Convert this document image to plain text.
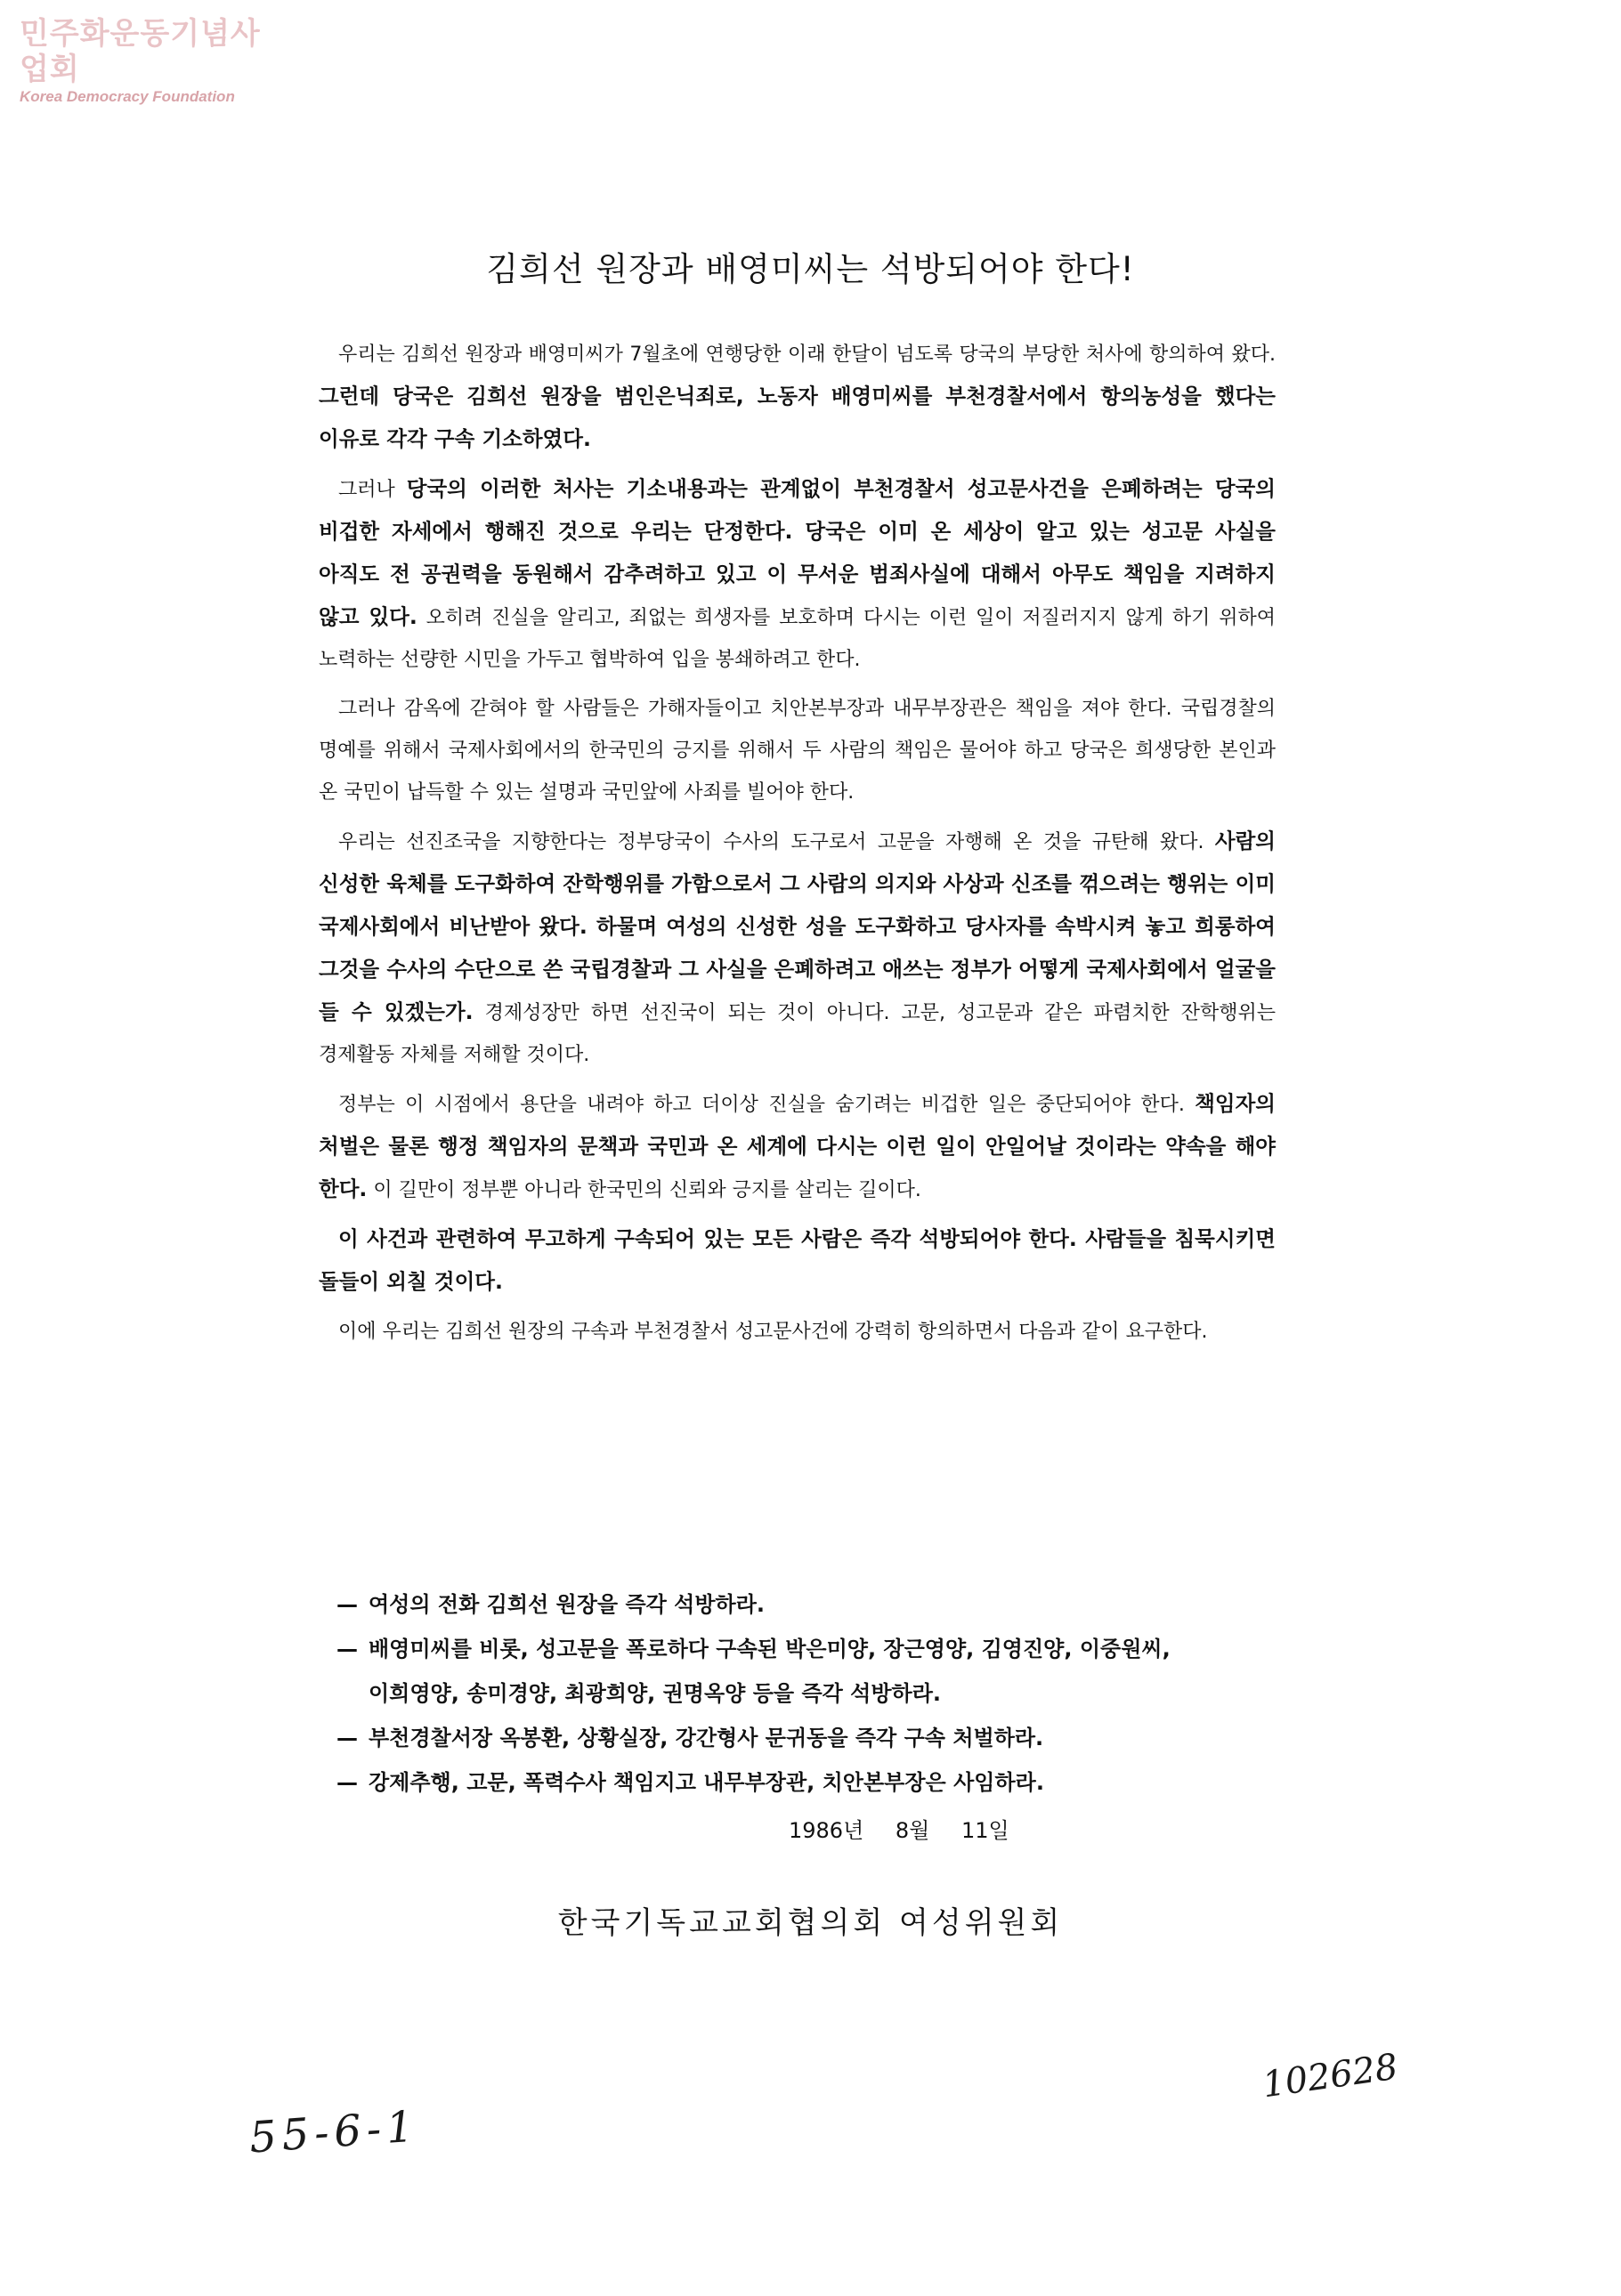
민주화운동기념사업회
Korea Democracy Foundation
김희선 원장과 배영미씨는 석방되어야 한다!

우리는 김희선 원장과 배영미씨가 7월초에 연행당한 이래 한달이 넘도록 당국의 부당한 처사에 항의하여 왔다. 그런데 당국은 김희선 원장을 범인은닉죄로, 노동자 배영미씨를 부천경찰서에서 항의농성을 했다는 이유로 각각 구속 기소하였다.

그러나 당국의 이러한 처사는 기소내용과는 관계없이 부천경찰서 성고문사건을 은폐하려는 당국의 비겁한 자세에서 행해진 것으로 우리는 단정한다. 당국은 이미 온 세상이 알고 있는 성고문 사실을 아직도 전 공권력을 동원해서 감추려하고 있고 이 무서운 범죄사실에 대해서 아무도 책임을 지려하지 않고 있다. 오히려 진실을 알리고, 죄없는 희생자를 보호하며 다시는 이런 일이 저질러지지 않게 하기 위하여 노력하는 선량한 시민을 가두고 협박하여 입을 봉쇄하려고 한다.

그러나 감옥에 갇혀야 할 사람들은 가해자들이고 치안본부장과 내무부장관은 책임을 져야 한다. 국립경찰의 명예를 위해서 국제사회에서의 한국민의 긍지를 위해서 두 사람의 책임은 물어야 하고 당국은 희생당한 본인과 온 국민이 납득할 수 있는 설명과 국민앞에 사죄를 빌어야 한다.

우리는 선진조국을 지향한다는 정부당국이 수사의 도구로서 고문을 자행해 온 것을 규탄해 왔다. 사람의 신성한 육체를 도구화하여 잔학행위를 가함으로서 그 사람의 의지와 사상과 신조를 꺾으려는 행위는 이미 국제사회에서 비난받아 왔다. 하물며 여성의 신성한 성을 도구화하고 당사자를 속박시켜 놓고 희롱하여 그것을 수사의 수단으로 쓴 국립경찰과 그 사실을 은폐하려고 애쓰는 정부가 어떻게 국제사회에서 얼굴을 들 수 있겠는가. 경제성장만 하면 선진국이 되는 것이 아니다. 고문, 성고문과 같은 파렴치한 잔학행위는 경제활동 자체를 저해할 것이다.

정부는 이 시점에서 용단을 내려야 하고 더이상 진실을 숨기려는 비겁한 일은 중단되어야 한다. 책임자의 처벌은 물론 행정 책임자의 문책과 국민과 온 세계에 다시는 이런 일이 안일어날 것이라는 약속을 해야 한다. 이 길만이 정부뿐 아니라 한국민의 신뢰와 긍지를 살리는 길이다.

이 사건과 관련하여 무고하게 구속되어 있는 모든 사람은 즉각 석방되어야 한다. 사람들을 침묵시키면 돌들이 외칠 것이다.

이에 우리는 김희선 원장의 구속과 부천경찰서 성고문사건에 강력히 항의하면서 다음과 같이 요구한다.

— 여성의 전화 김희선 원장을 즉각 석방하라.
— 배영미씨를 비롯, 성고문을 폭로하다 구속된 박은미양, 장근영양, 김영진양, 이중원씨,
이희영양, 송미경양, 최광희양, 권명옥양 등을 즉각 석방하라.
— 부천경찰서장 옥봉환, 상황실장, 강간형사 문귀동을 즉각 구속 처벌하라.
— 강제추행, 고문, 폭력수사 책임지고 내무부장관, 치안본부장은 사임하라.
1986년 8월 11일
한국기독교교회협의회 여성위원회
102628
55-6-1
